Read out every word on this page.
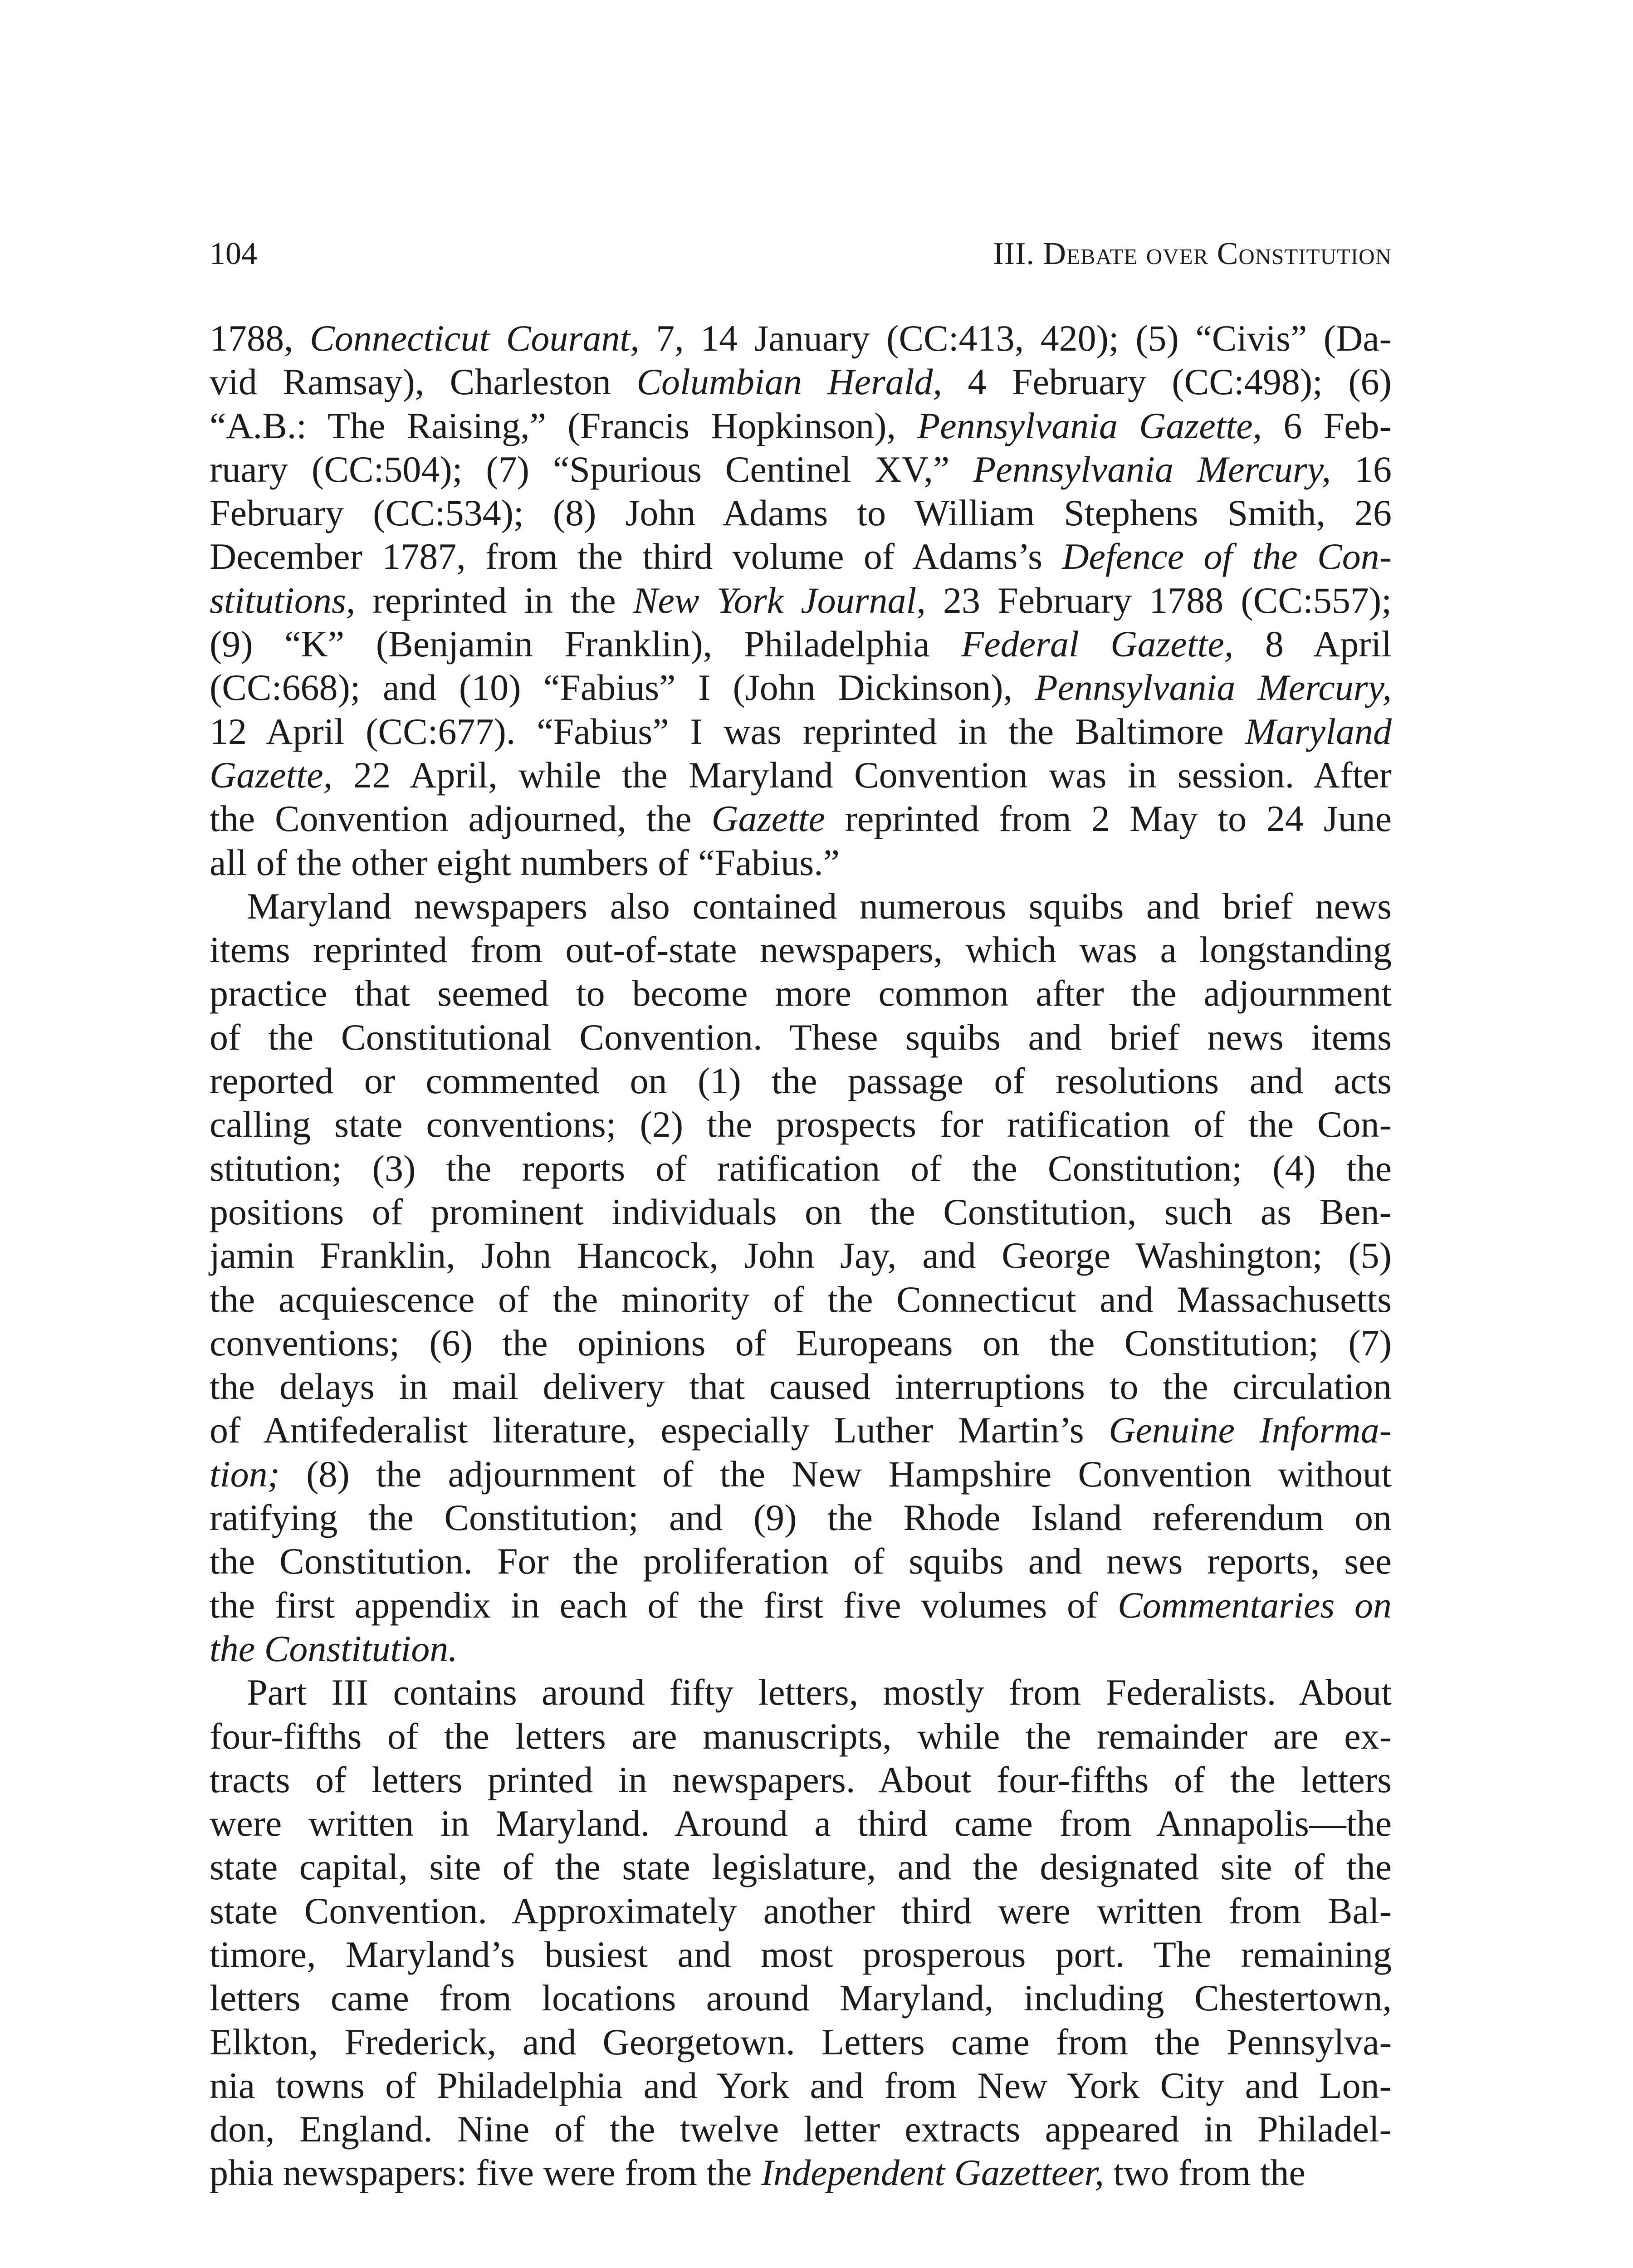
104	III. Debate over Constitution
1788, Connecticut Courant, 7, 14 January (CC:413, 420); (5) “Civis” (Da-
vid Ramsay), Charleston Columbian Herald, 4 February (CC:498); (6)
“A.B.: The Raising,” (Francis Hopkinson), Pennsylvania Gazette, 6 Feb-
ruary (CC:504); (7) “Spurious Centinel XV,” Pennsylvania Mercury, 16
February (CC:534); (8) John Adams to William Stephens Smith, 26
December 1787, from the third volume of Adams’s Defence of the Con-
stitutions, reprinted in the New York Journal, 23 February 1788 (CC:557);
(9) “K” (Benjamin Franklin), Philadelphia Federal Gazette, 8 April
(CC:668); and (10) “Fabius” I (John Dickinson), Pennsylvania Mercury,
12 April (CC:677). “Fabius” I was reprinted in the Baltimore Maryland
Gazette, 22 April, while the Maryland Convention was in session. After
the Convention adjourned, the Gazette reprinted from 2 May to 24 June
all of the other eight numbers of “Fabius.”
Maryland newspapers also contained numerous squibs and brief news
items reprinted from out-of-state newspapers, which was a longstanding
practice that seemed to become more common after the adjournment
of the Constitutional Convention. These squibs and brief news items
reported or commented on (1) the passage of resolutions and acts
calling state conventions; (2) the prospects for ratification of the Con-
stitution; (3) the reports of ratification of the Constitution; (4) the
positions of prominent individuals on the Constitution, such as Ben-
jamin Franklin, John Hancock, John Jay, and George Washington; (5)
the acquiescence of the minority of the Connecticut and Massachusetts
conventions; (6) the opinions of Europeans on the Constitution; (7)
the delays in mail delivery that caused interruptions to the circulation
of Antifederalist literature, especially Luther Martin’s Genuine Informa-
tion; (8) the adjournment of the New Hampshire Convention without
ratifying the Constitution; and (9) the Rhode Island referendum on
the Constitution. For the proliferation of squibs and news reports, see
the first appendix in each of the first five volumes of Commentaries on
the Constitution.
Part III contains around fifty letters, mostly from Federalists. About
four-fifths of the letters are manuscripts, while the remainder are ex-
tracts of letters printed in newspapers. About four-fifths of the letters
were written in Maryland. Around a third came from Annapolis—the
state capital, site of the state legislature, and the designated site of the
state Convention. Approximately another third were written from Bal-
timore, Maryland’s busiest and most prosperous port. The remaining
letters came from locations around Maryland, including Chestertown,
Elkton, Frederick, and Georgetown. Letters came from the Pennsylva-
nia towns of Philadelphia and York and from New York City and Lon-
don, England. Nine of the twelve letter extracts appeared in Philadel-
phia newspapers: five were from the Independent Gazetteer, two from the
